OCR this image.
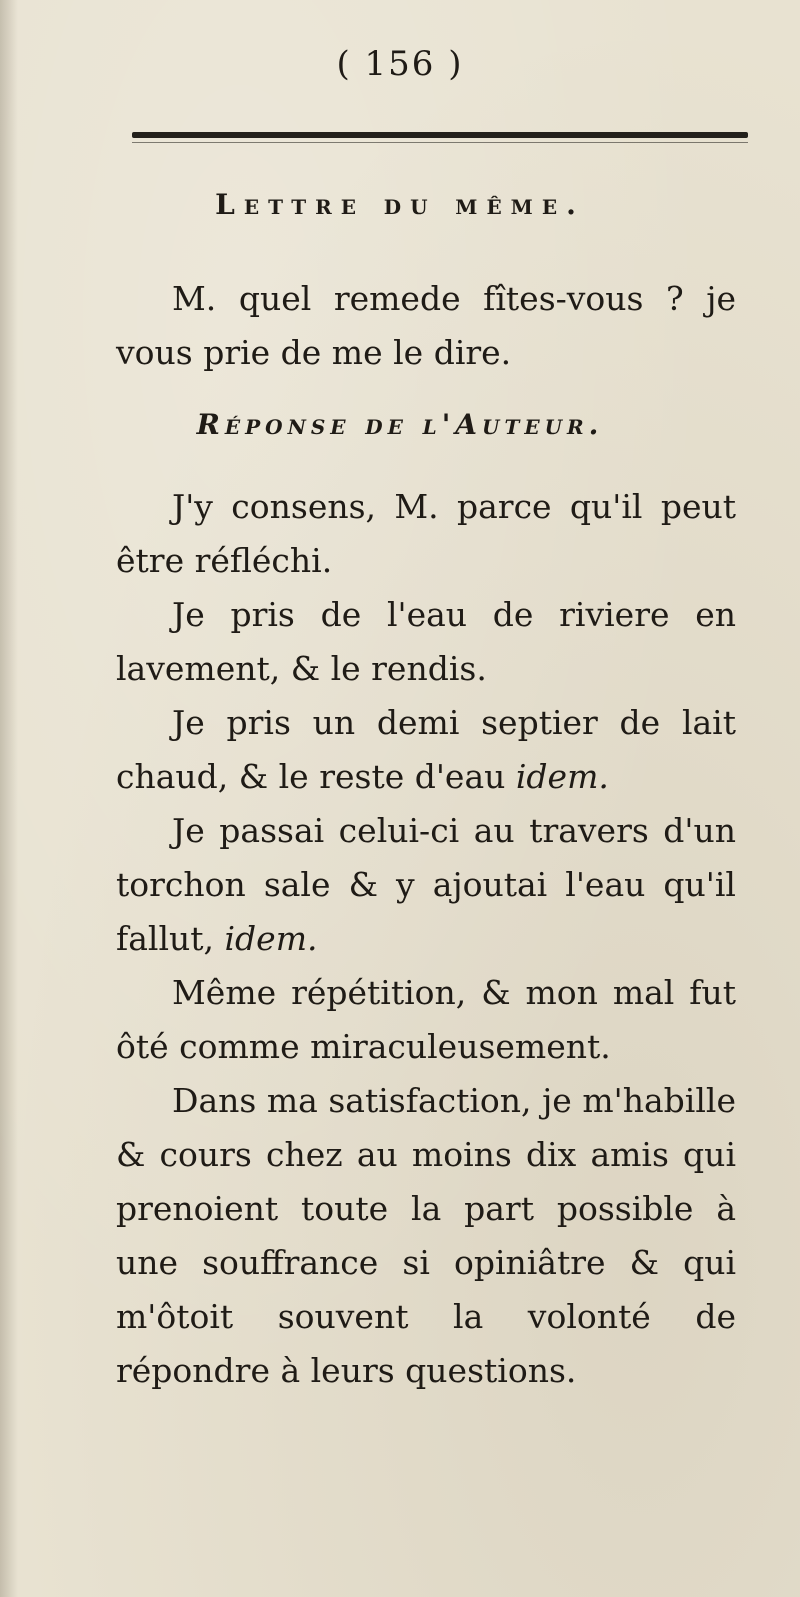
( 156 )
Lettre du même.

M. quel remede fîtes-vous ? je vous prie de me le dire.

Réponse de l'Auteur.

J'y consens, M. parce qu'il peut être réfléchi.

Je pris de l'eau de riviere en lavement, & le rendis.

Je pris un demi septier de lait chaud, & le reste d'eau idem.

Je passai celui-ci au travers d'un torchon sale & y ajoutai l'eau qu'il fallut, idem.

Même répétition, & mon mal fut ôté comme miraculeusement.

Dans ma satisfaction, je m'habille & cours chez au moins dix amis qui prenoient toute la part possible à une souffrance si opiniâtre & qui m'ôtoit souvent la volonté de répondre à leurs questions.
